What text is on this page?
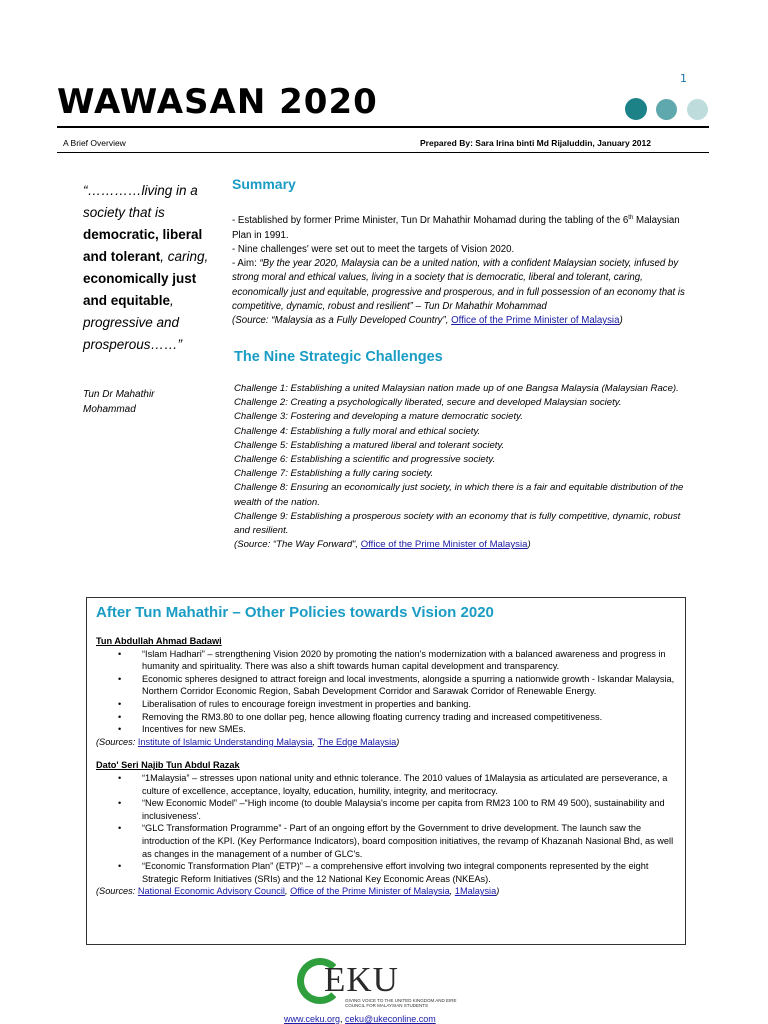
1
WAWASAN 2020
A Brief Overview	Prepared By: Sara Irina binti Md Rijaluddin, January 2012
“…………living in a society that is democratic, liberal and tolerant, caring, economically just and equitable, progressive and prosperous……”
Tun Dr Mahathir Mohammad
Summary
- Established by former Prime Minister, Tun Dr Mahathir Mohamad during the tabling of the 6th Malaysian Plan in 1991.
- Nine challenges' were set out to meet the targets of Vision 2020.
- Aim: “By the year 2020, Malaysia can be a united nation, with a confident Malaysian society, infused by strong moral and ethical values, living in a society that is democratic, liberal and tolerant, caring, economically just and equitable, progressive and prosperous, and in full possession of an economy that is competitive, dynamic, robust and resilient” – Tun Dr Mahathir Mohammad
(Source: “Malaysia as a Fully Developed Country”, Office of the Prime Minister of Malaysia)
The Nine Strategic Challenges
Challenge 1: Establishing a united Malaysian nation made up of one Bangsa Malaysia (Malaysian Race).
Challenge 2: Creating a psychologically liberated, secure and developed Malaysian society.
Challenge 3: Fostering and developing a mature democratic society.
Challenge 4: Establishing a fully moral and ethical society.
Challenge 5: Establishing a matured liberal and tolerant society.
Challenge 6: Establishing a scientific and progressive society.
Challenge 7: Establishing a fully caring society.
Challenge 8: Ensuring an economically just society, in which there is a fair and equitable distribution of the wealth of the nation.
Challenge 9: Establishing a prosperous society with an economy that is fully competitive, dynamic, robust and resilient.
(Source: “The Way Forward”, Office of the Prime Minister of Malaysia)
After Tun Mahathir – Other Policies towards Vision 2020

Tun Abdullah Ahmad Badawi

• “Islam Hadhari” – strengthening Vision 2020 by promoting the nation's modernization with a balanced awareness and progress in humanity and spirituality. There was also a shift towards human capital development and transparency.
• Economic spheres designed to attract foreign and local investments, alongside a spurring a nationwide growth - Iskandar Malaysia, Northern Corridor Economic Region, Sabah Development Corridor and Sarawak Corridor of Renewable Energy.
• Liberalisation of rules to encourage foreign investment in properties and banking.
• Removing the RM3.80 to one dollar peg, hence allowing floating currency trading and increased competitiveness.
• Incentives for new SMEs.

(Sources: Institute of Islamic Understanding Malaysia, The Edge Malaysia)

Dato' Seri Najib Tun Abdul Razak

• “1Malaysia” – stresses upon national unity and ethnic tolerance. The 2010 values of 1Malaysia as articulated are perseverance, a culture of excellence, acceptance, loyalty, education, humility, integrity, and meritocracy.
• “New Economic Model” –“High income (to double Malaysia's income per capita from RM23 100 to RM 49 500), sustainability and inclusiveness'.
• “GLC Transformation Programme” - Part of an ongoing effort by the Government to drive development. The launch saw the introduction of the KPI. (Key Performance Indicators), board composition initiatives, the revamp of Khazanah Nasional Bhd, as well as changes in the management of a number of GLC's.
• “Economic Transformation Plan” (ETP)” – a comprehensive effort involving two integral components represented by the eight Strategic Reform Initiatives (SRIs) and the 12 National Key Economic Areas (NKEAs).

(Sources: National Economic Advisory Council, Office of the Prime Minister of Malaysia, 1Malaysia)

EKU
GIVING VOICE TO THE UNITED KINGDOM AND EIRE COUNCIL FOR MALAYSIAN STUDENTS
www.ceku.org, ceku@ukeconline.com
